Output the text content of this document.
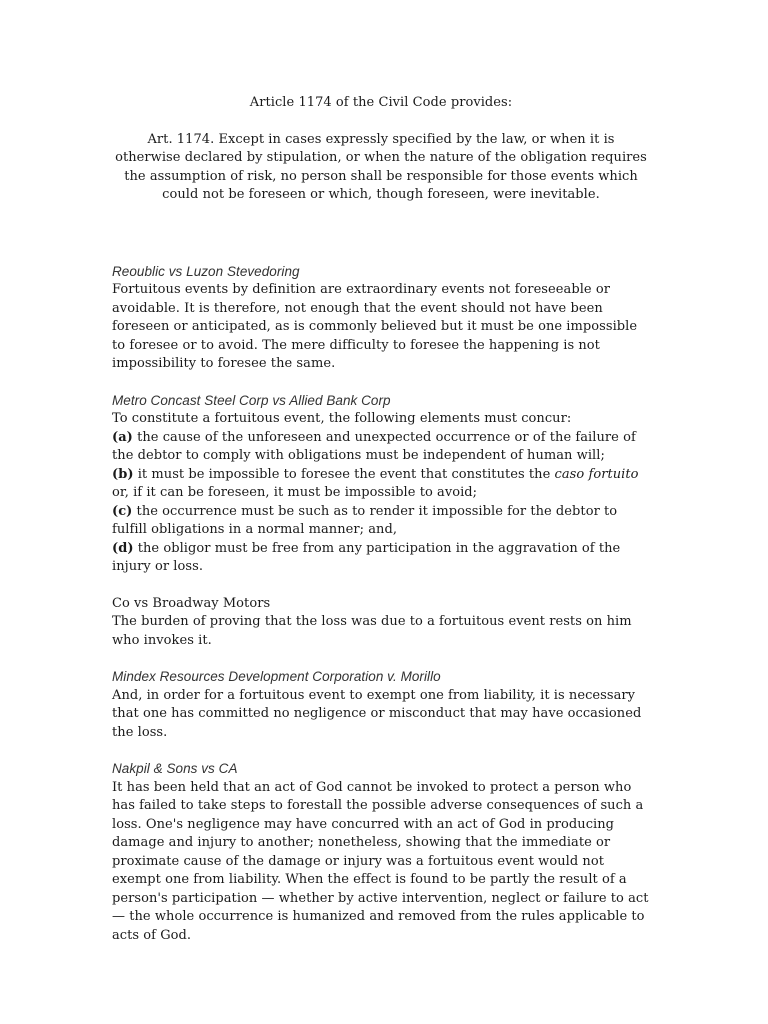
Article 1174 of the Civil Code provides:

Art. 1174. Except in cases expressly specified by the law, or when it is otherwise declared by stipulation, or when the nature of the obligation requires the assumption of risk, no person shall be responsible for those events which could not be foreseen or which, though foreseen, were inevitable.

Reoublic vs Luzon Stevedoring
Fortuitous events by definition are extraordinary events not foreseeable or avoidable. It is therefore, not enough that the event should not have been foreseen or anticipated, as is commonly believed but it must be one impossible to foresee or to avoid. The mere difficulty to foresee the happening is not impossibility to foresee the same.
Metro Concast Steel Corp vs Allied Bank Corp
To constitute a fortuitous event, the following elements must concur:
(a) the cause of the unforeseen and unexpected occurrence or of the failure of the debtor to comply with obligations must be independent of human will;
(b) it must be impossible to foresee the event that constitutes the caso fortuito or, if it can be foreseen, it must be impossible to avoid;
(c) the occurrence must be such as to render it impossible for the debtor to fulfill obligations in a normal manner; and,
(d) the obligor must be free from any participation in the aggravation of the injury or loss.
Co vs Broadway Motors
The burden of proving that the loss was due to a fortuitous event rests on him who invokes it.
Mindex Resources Development Corporation v. Morillo
And, in order for a fortuitous event to exempt one from liability, it is necessary that one has committed no negligence or misconduct that may have occasioned the loss.
Nakpil & Sons vs CA
It has been held that an act of God cannot be invoked to protect a person who has failed to take steps to forestall the possible adverse consequences of such a loss. One's negligence may have concurred with an act of God in producing damage and injury to another; nonetheless, showing that the immediate or proximate cause of the damage or injury was a fortuitous event would not exempt one from liability. When the effect is found to be partly the result of a person's participation — whether by active intervention, neglect or failure to act — the whole occurrence is humanized and removed from the rules applicable to acts of God.
